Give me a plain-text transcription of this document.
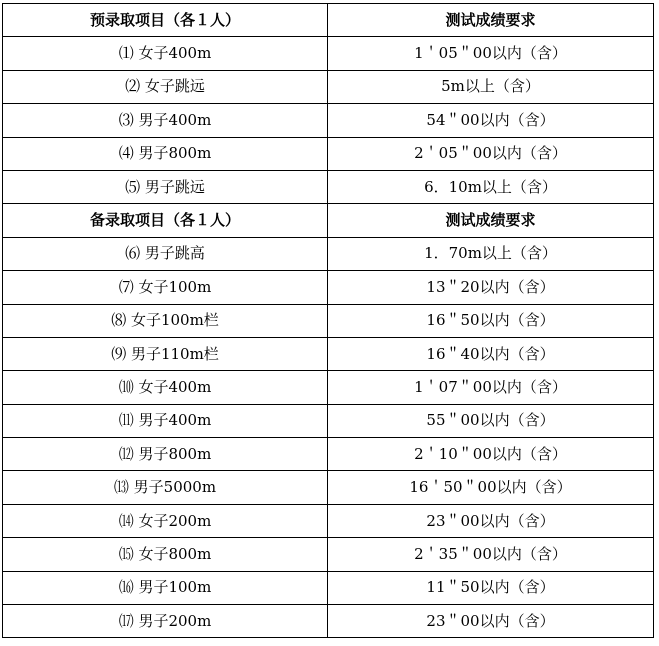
预录取项目（各１人）	测试成绩要求
⑴ 女子400m	1＇05＂00以内（含）
⑵ 女子跳远	5m以上（含）
⑶ 男子400m	54＂00以内（含）
⑷ 男子800m	2＇05＂00以内（含）
⑸ 男子跳远	6．10m以上（含）
备录取项目（各１人）	测试成绩要求
⑹ 男子跳高	1．70m以上（含）
⑺ 女子100m	13＂20以内（含）
⑻ 女子100m栏	16＂50以内（含）
⑼ 男子110m栏	16＂40以内（含）
⑽ 女子400m	1＇07＂00以内（含）
⑾ 男子400m	55＂00以内（含）
⑿ 男子800m	2＇10＂00以内（含）
⒀ 男子5000m	16＇50＂00以内（含）
⒁ 女子200m	23＂00以内（含）
⒂ 女子800m	2＇35＂00以内（含）
⒃ 男子100m	11＂50以内（含）
⒄ 男子200m	23＂00以内（含）
